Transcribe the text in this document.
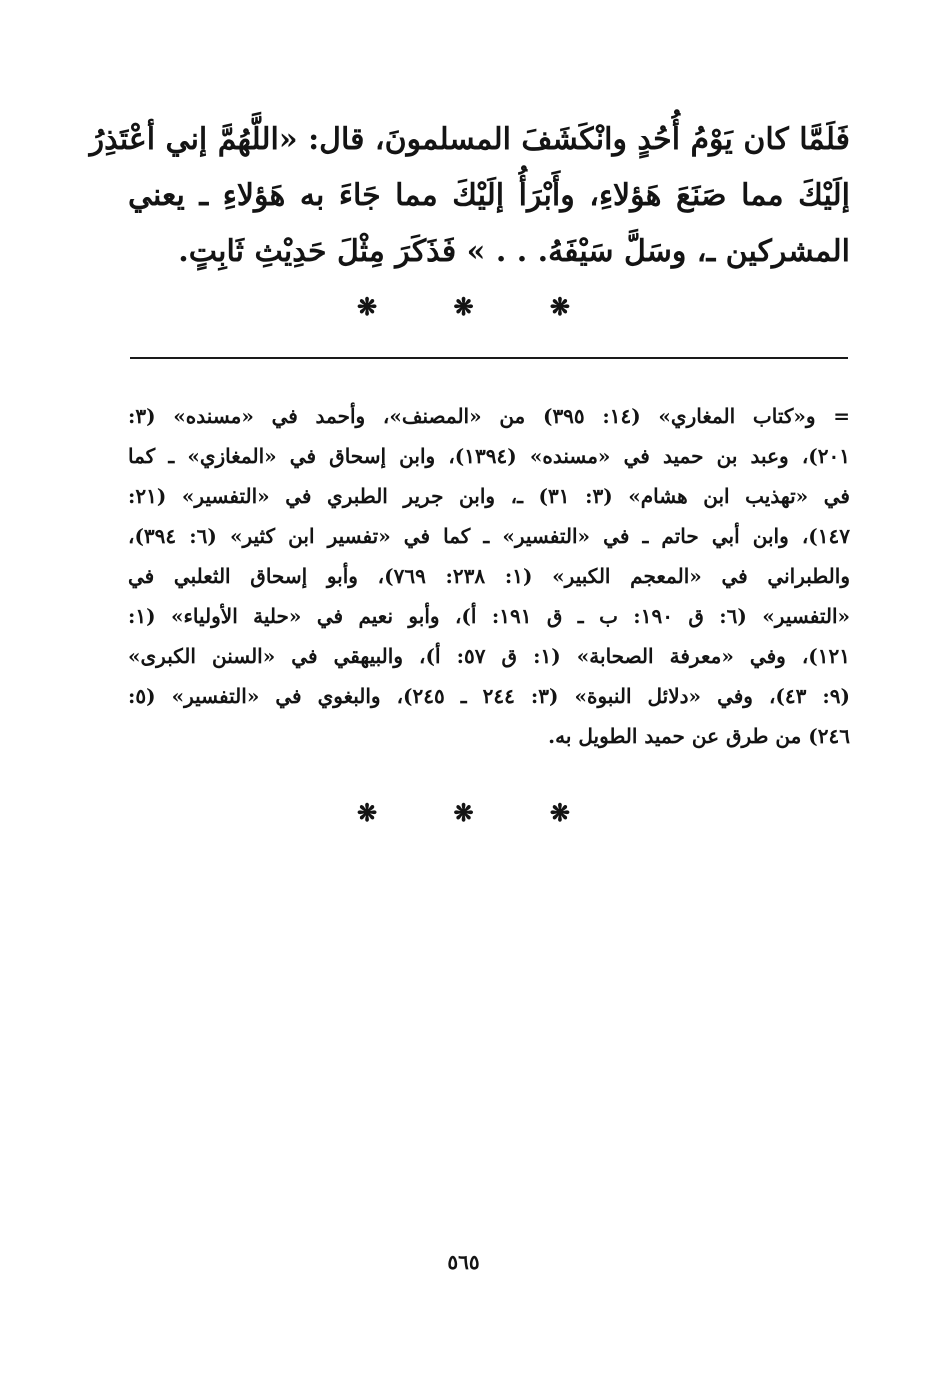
فَلَمَّا كان يَوْمُ أُحُدٍ وانْكَشَفَ المسلمونَ، قال: «اللَّهُمَّ إني أعْتَذِرُ
إلَيْكَ مما صَنَعَ هَؤلاءِ، وأَبْرَأُ إلَيْكَ مما جَاءَ به هَؤلاءِ ـ يعني
المشركين ـ، وسَلَّ سَيْفَهُ. . . » فَذَكَرَ مِثْلَ حَدِيْثِ ثَابِتٍ.
❋	❋	❋
= و«كتاب المغاري» (١٤: ٣٩٥) من «المصنف»، وأحمد في «مسنده» (٣:
٢٠١)، وعبد بن حميد في «مسنده» (١٣٩٤)، وابن إسحاق في «المغازي» ـ كما
في «تهذيب ابن هشام» (٣: ٣١) ـ، وابن جرير الطبري في «التفسير» (٢١:
١٤٧)، وابن أبي حاتم ـ في «التفسير» ـ كما في «تفسير ابن كثير» (٦: ٣٩٤)،
والطبراني في «المعجم الكبير» (١: ٢٣٨: ٧٦٩)، وأبو إسحاق الثعلبي في
«التفسير» (٦: ق ١٩٠: ب ـ ق ١٩١: أ)، وأبو نعيم في «حلية الأولياء» (١:
١٢١)، وفي «معرفة الصحابة» (١: ق ٥٧: أ)، والبيهقي في «السنن الكبرى»
(٩: ٤٣)، وفي «دلائل النبوة» (٣: ٢٤٤ ـ ٢٤٥)، والبغوي في «التفسير» (٥:
٢٤٦) من طرق عن حميد الطويل به.
❋	❋	❋
٥٦٥
